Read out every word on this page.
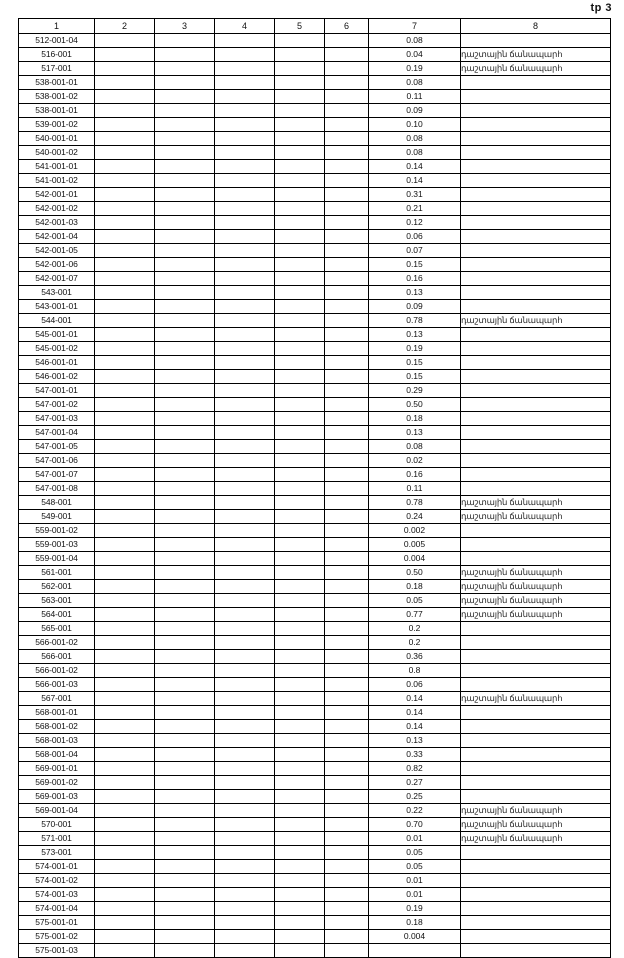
tp 3
1	2	3	4	5	6	7	8
512-001-04						0.08	
516-001						0.04	դաշտային ճանապարհ
517-001						0.19	դաշտային ճանապարհ
538-001-01						0.08	
538-001-02						0.11	
538-001-01						0.09	
539-001-02						0.10	
540-001-01						0.08	
540-001-02						0.08	
541-001-01						0.14	
541-001-02						0.14	
542-001-01						0.31	
542-001-02						0.21	
542-001-03						0.12	
542-001-04						0.06	
542-001-05						0.07	
542-001-06						0.15	
542-001-07						0.16	
543-001						0.13	
543-001-01						0.09	
544-001						0.78	դաշտային ճանապարհ
545-001-01						0.13	
545-001-02						0.19	
546-001-01						0.15	
546-001-02						0.15	
547-001-01						0.29	
547-001-02						0.50	
547-001-03						0.18	
547-001-04						0.13	
547-001-05						0.08	
547-001-06						0.02	
547-001-07						0.16	
547-001-08						0.11	
548-001						0.78	դաշտային ճանապարհ
549-001						0.24	դաշտային ճանապարհ
559-001-02						0.002	
559-001-03						0.005	
559-001-04						0.004	
561-001						0.50	դաշտային ճանապարհ
562-001						0.18	դաշտային ճանապարհ
563-001						0.05	դաշտային ճանապարհ
564-001						0.77	դաշտային ճանապարհ
565-001						0.2	
566-001-02						0.2	
566-001						0.36	
566-001-02						0.8	
566-001-03						0.06	
567-001						0.14	դաշտային ճանապարհ
568-001-01						0.14	
568-001-02						0.14	
568-001-03						0.13	
568-001-04						0.33	
569-001-01						0.82	
569-001-02						0.27	
569-001-03						0.25	
569-001-04						0.22	դաշտային ճանապարհ
570-001						0.70	դաշտային ճանապարհ
571-001						0.01	դաշտային ճանապարհ
573-001						0.05	
574-001-01						0.05	
574-001-02						0.01	
574-001-03						0.01	
574-001-04						0.19	
575-001-01						0.18	
575-001-02						0.004	
575-001-03							
